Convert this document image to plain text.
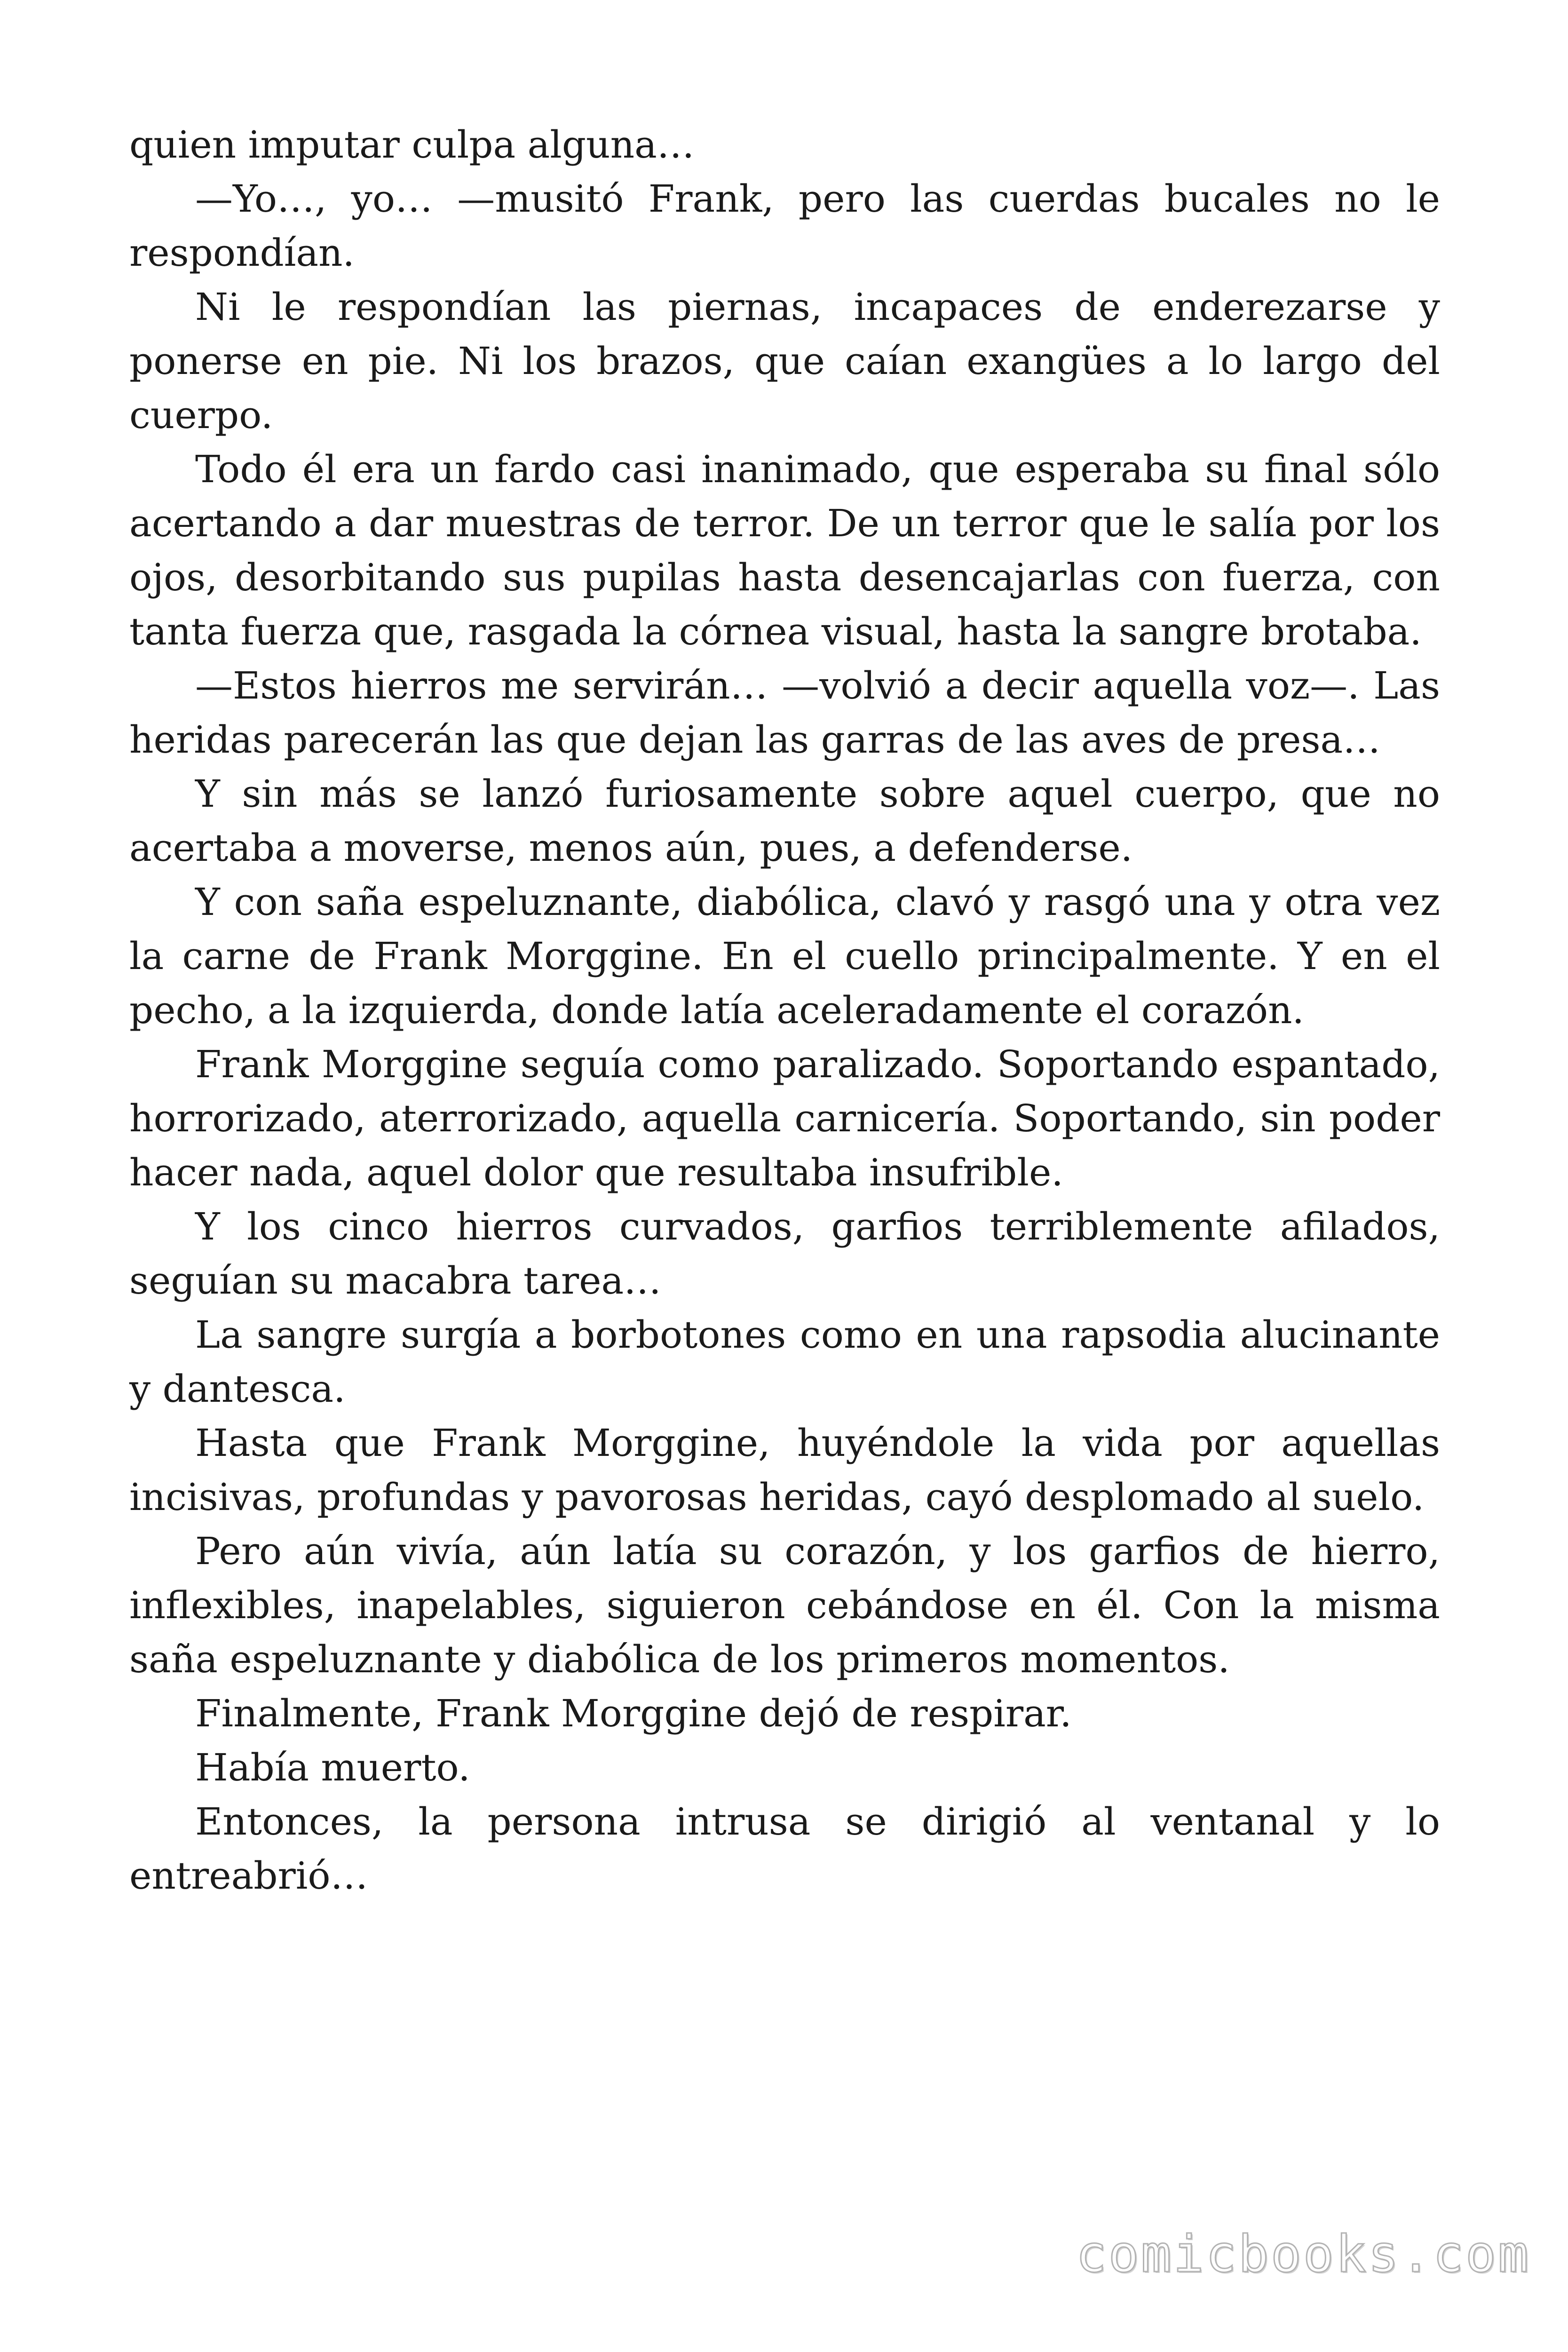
quien imputar culpa alguna…

—Yo…, yo… —musitó Frank, pero las cuerdas bucales no le respondían.

Ni le respondían las piernas, incapaces de enderezarse y ponerse en pie. Ni los brazos, que caían exangües a lo largo del cuerpo.

Todo él era un fardo casi inanimado, que esperaba su final sólo acertando a dar muestras de terror. De un terror que le salía por los ojos, desorbitando sus pupilas hasta desencajarlas con fuerza, con tanta fuerza que, rasgada la córnea visual, hasta la sangre brotaba.

—Estos hierros me servirán… —volvió a decir aquella voz—. Las heridas parecerán las que dejan las garras de las aves de presa…

Y sin más se lanzó furiosamente sobre aquel cuerpo, que no acertaba a moverse, menos aún, pues, a defenderse.

Y con saña espeluznante, diabólica, clavó y rasgó una y otra vez la carne de Frank Morggine. En el cuello principalmente. Y en el pecho, a la izquierda, donde latía aceleradamente el corazón.

Frank Morggine seguía como paralizado. Soportando espantado, horrorizado, aterrorizado, aquella carnicería. Soportando, sin poder hacer nada, aquel dolor que resultaba insufrible.

Y los cinco hierros curvados, garfios terriblemente afilados, seguían su macabra tarea…

La sangre surgía a borbotones como en una rapsodia alucinante y dantesca.

Hasta que Frank Morggine, huyéndole la vida por aquellas incisivas, profundas y pavorosas heridas, cayó desplomado al suelo.

Pero aún vivía, aún latía su corazón, y los garfios de hierro, inflexibles, inapelables, siguieron cebándose en él. Con la misma saña espeluznante y diabólica de los primeros momentos.

Finalmente, Frank Morggine dejó de respirar.

Había muerto.

Entonces, la persona intrusa se dirigió al ventanal y lo entreabrió…

comicbooks.com
